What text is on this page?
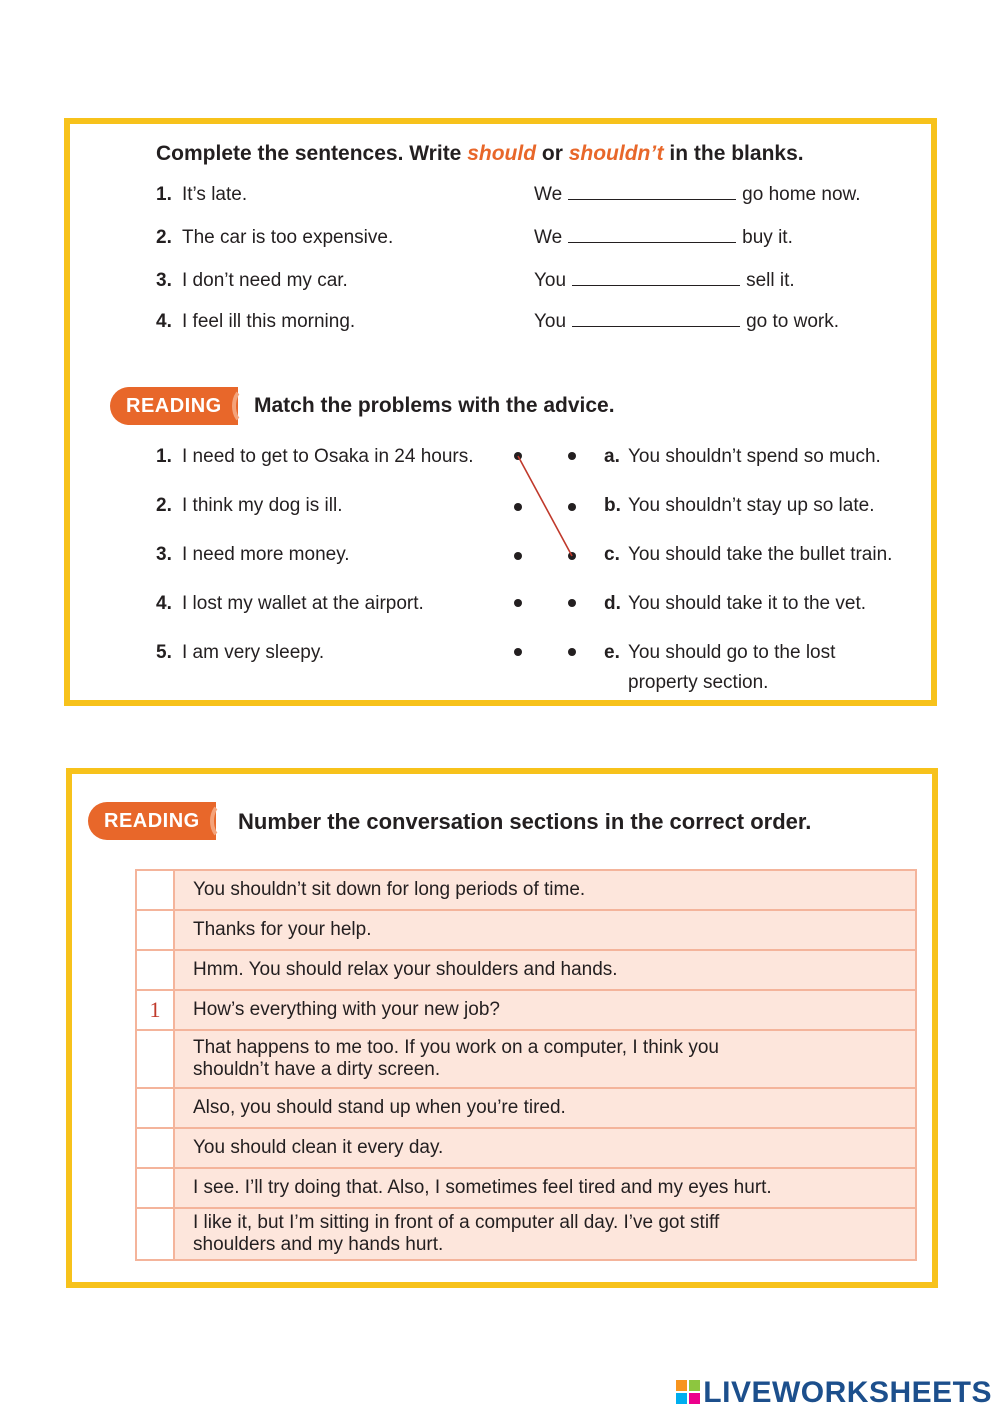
Complete the sentences. Write should or shouldn’t in the blanks.
1. It’s late.	We	go home now.
2. The car is too expensive.	We	buy it.
3. I don’t need my car.	You	sell it.
4. I feel ill this morning.	You	go to work.
READING	Match the problems with the advice.
1. I need to get to Osaka in 24 hours.
2. I think my dog is ill.
3. I need more money.
4. I lost my wallet at the airport.
5. I am very sleepy.
a. You shouldn’t spend so much.
b. You shouldn’t stay up so late.
c. You should take the bullet train.
d. You should take it to the vet.
e. You should go to the lost
property section.
READING	Number the conversation sections in the correct order.
	You shouldn’t sit down for long periods of time.
	Thanks for your help.
	Hmm. You should relax your shoulders and hands.
1	How’s everything with your new job?

	That happens to me too. If you work on a computer, I think you
shouldn’t have a dirty screen.

	Also, you should stand up when you’re tired.
	You should clean it every day.
	I see. I’ll try doing that. Also, I sometimes feel tired and my eyes hurt.

	I like it, but I’m sitting in front of a computer all day. I’ve got stiff
shoulders and my hands hurt.
LIVEWORKSHEETS
